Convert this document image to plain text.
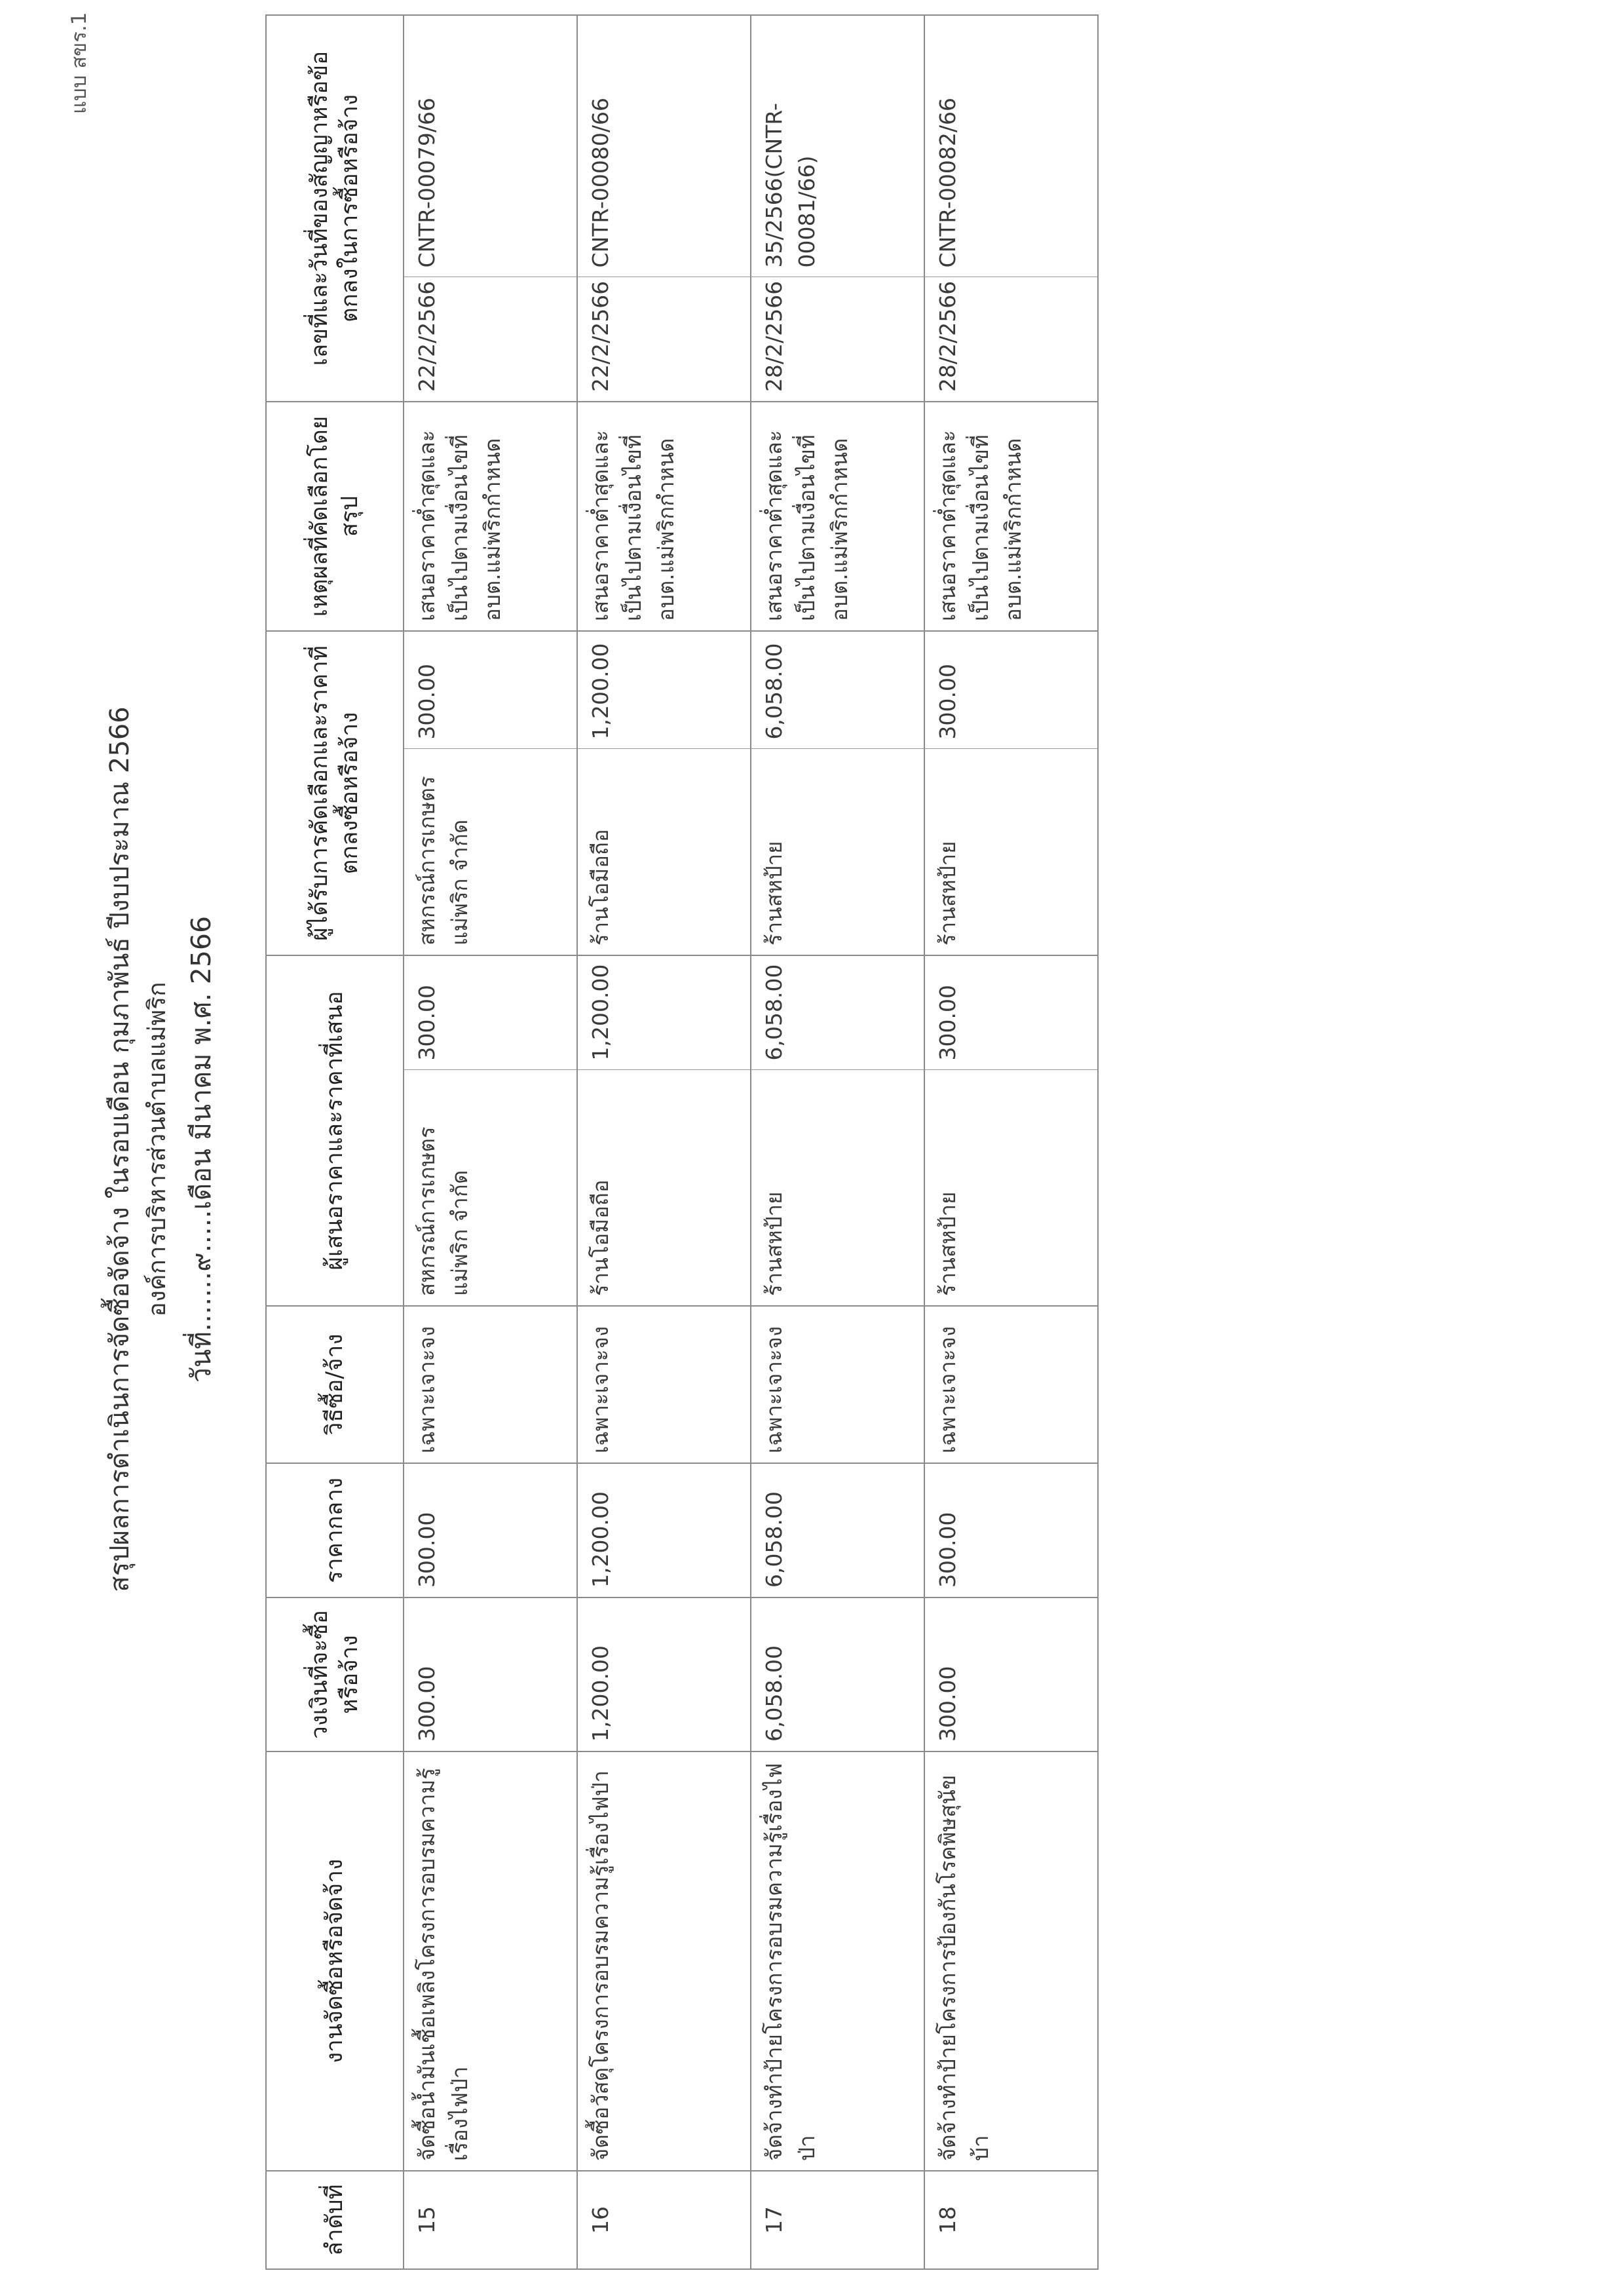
แบบ สขร.1
สรุปผลการดำเนินการจัดซื้อจัดจ้าง ในรอบเดือน กุมภาพันธ์ ปีงบประมาณ 2566 องค์การบริหารส่วนตำบลแม่พริก
วันที่.......๙.....เดือน มีนาคม พ.ศ. 2566
ลำดับที่	งานจัดซื้อหรือจัดจ้าง	วงเงินที่จะซื้อหรือจ้าง	ราคากลาง	วิธีซื้อ/จ้าง	ผู้เสนอราคาและราคาที่เสนอ		ผู้ได้รับการคัดเลือกและราคาที่ตกลงซื้อหรือจ้าง		เหตุผลที่คัดเลือกโดยสรุป	เลขที่และวันที่ของสัญญาหรือข้อตกลงในการซื้อหรือจ้าง	
15	จัดซื้อน้ำมันเชื้อเพลิงโครงการอบรมความรู้เรื่องไฟป่า	300.00	300.00	เฉพาะเจาะจง	สหกรณ์การเกษตรแม่พริก จำกัด	300.00	สหกรณ์การเกษตรแม่พริก จำกัด	300.00	เสนอราคาต่ำสุดและเป็นไปตามเงื่อนไขที่อบต.แม่พริกกำหนด	22/2/2566	CNTR-00079/66
16	จัดซื้อวัสดุโครงการอบรมความรู้เรื่องไฟป่า	1,200.00	1,200.00	เฉพาะเจาะจง	ร้านโอมือถือ	1,200.00	ร้านโอมือถือ	1,200.00	เสนอราคาต่ำสุดและเป็นไปตามเงื่อนไขที่อบต.แม่พริกกำหนด	22/2/2566	CNTR-00080/66
17	จัดจ้างทำป้ายโครงการอบรมความรู้เรื่องไฟป่า	6,058.00	6,058.00	เฉพาะเจาะจง	ร้านสหป้าย	6,058.00	ร้านสหป้าย	6,058.00	เสนอราคาต่ำสุดและเป็นไปตามเงื่อนไขที่อบต.แม่พริกกำหนด	28/2/2566	35/2566(CNTR-00081/66)
18	จัดจ้างทำป้ายโครงการป้องกันโรคพิษสุนัขบ้า	300.00	300.00	เฉพาะเจาะจง	ร้านสหป้าย	300.00	ร้านสหป้าย	300.00	เสนอราคาต่ำสุดและเป็นไปตามเงื่อนไขที่อบต.แม่พริกกำหนด	28/2/2566	CNTR-00082/66
